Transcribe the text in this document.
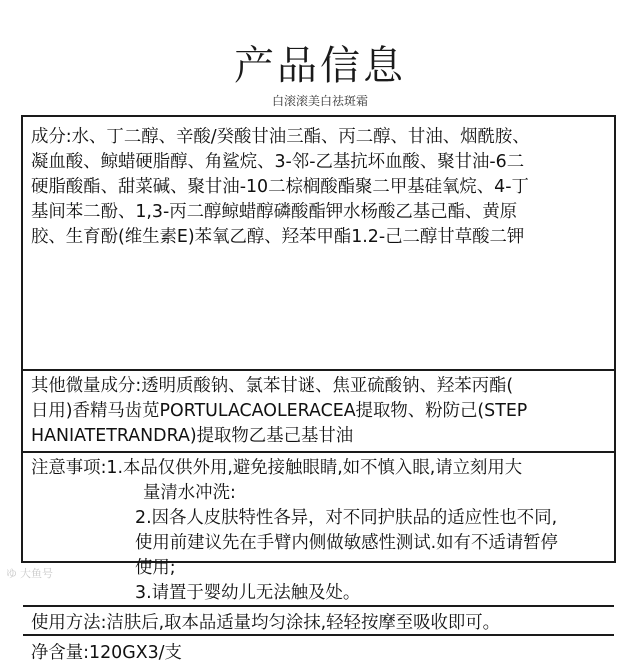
产品信息
白滚滚美白祛斑霜
成分:水、丁二醇、辛酸/癸酸甘油三酯、丙二醇、甘油、烟酰胺、
凝血酸、鲸蜡硬脂醇、角鲨烷、3-邻-乙基抗坏血酸、聚甘油-6二
硬脂酸酯、甜菜碱、聚甘油-10二棕榈酸酯聚二甲基硅氧烷、4-丁
基间苯二酚、1,3-丙二醇鲸蜡醇磷酸酯钾水杨酸乙基己酯、黄原
胶、生育酚(维生素E)苯氧乙醇、羟苯甲酯1.2-己二醇甘草酸二钾
其他微量成分:透明质酸钠、氯苯甘谜、焦亚硫酸钠、羟苯丙酯(
日用)香精马齿苋PORTULACAOLERACEA提取物、粉防己(STEP
HANIATETRANDRA)提取物乙基己基甘油
注意事项:1.本品仅供外用,避免接触眼睛,如不慎入眼,请立刻用大
量清水冲洗:
2.因各人皮肤特性各异，对不同护肤品的适应性也不同,
使用前建议先在手臂内侧做敏感性测试.如有不适请暂停
使用;
3.请置于婴幼儿无法触及处。
使用方法:洁肤后,取本品适量均匀涂抹,轻轻按摩至吸收即可。
净含量:120GX3/支
ゆ 大鱼号
